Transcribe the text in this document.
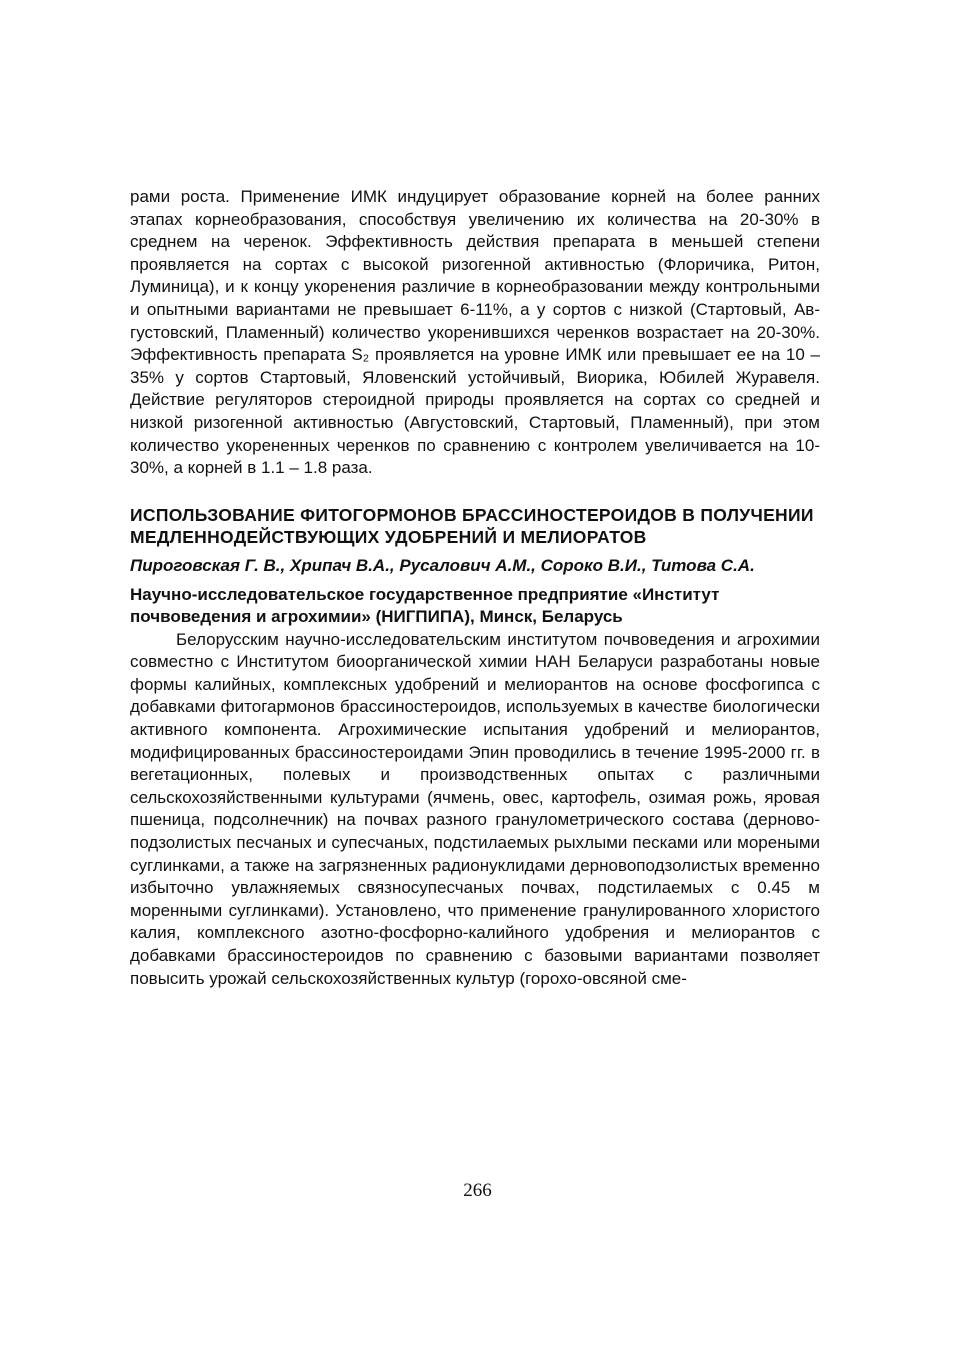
рами роста. Применение ИМК индуцирует образование корней на более ранних этапах корнеобразования, способствуя увеличению их количества на 20-30% в среднем на черенок. Эффективность действия препарата в меньшей степени проявляется на сортах с высокой ризогенной активностью (Флоричика, Ритон, Луминица), и к концу укоренения различие в корнеобразовании между контрольными и опытными вариантами не превышает 6-11%, а у сортов с низкой (Стартовый, Августовский, Пламенный) количество укоренившихся черенков возрастает на 20-30%. Эффективность препарата S₂ проявляется на уровне ИМК или превышает ее на 10 – 35% у сортов Стартовый, Яловенский устойчивый, Виорика, Юбилей Журавеля. Действие регуляторов стероидной природы проявляется на сортах со средней и низкой ризогенной активностью (Августовский, Стартовый, Пламенный), при этом количество укорененных черенков по сравнению с контролем увеличивается на 10-30%, а корней в 1.1 – 1.8 раза.

ИСПОЛЬЗОВАНИЕ ФИТОГОРМОНОВ БРАССИНОСТЕРОИДОВ В ПОЛУЧЕНИИ МЕДЛЕННОДЕЙСТВУЮЩИХ УДОБРЕНИЙ И МЕЛИОРАТОВ

Пироговская Г. В., Хрипач В.А., Русалович А.М., Сороко В.И., Титова С.А.

Научно-исследовательское государственное предприятие «Институт почвоведения и агрохимии» (НИГПИПА), Минск, Беларусь

Белорусским научно-исследовательским институтом почвоведения и агрохимии совместно с Институтом биоорганической химии НАН Беларуси разработаны новые формы калийных, комплексных удобрений и мелиорантов на основе фосфогипса с добавками фитогармонов брассиностероидов, используемых в качестве биологически активного компонента. Агрохимические испытания удобрений и мелиорантов, модифицированных брассиностероидами Эпин проводились в течение 1995-2000 гг. в вегетационных, полевых и производственных опытах с различными сельскохозяйственными культурами (ячмень, овес, картофель, озимая рожь, яровая пшеница, подсолнечник) на почвах разного гранулометрического состава (дерново-подзолистых песчаных и супесчаных, подстилаемых рыхлыми песками или мореными суглинками, а также на загрязненных радионуклидами дерновоподзолистых временно избыточно увлажняемых связносупесчаных почвах, подстилаемых с 0.45 м моренными суглинками). Установлено, что применение гранулированного хлористого калия, комплексного азотно-фосфорно-калийного удобрения и мелиорантов с добавками брассиностероидов по сравнению с базовыми вариантами позволяет повысить урожай сельскохозяйственных культур (горохо-овсяной сме-

266
